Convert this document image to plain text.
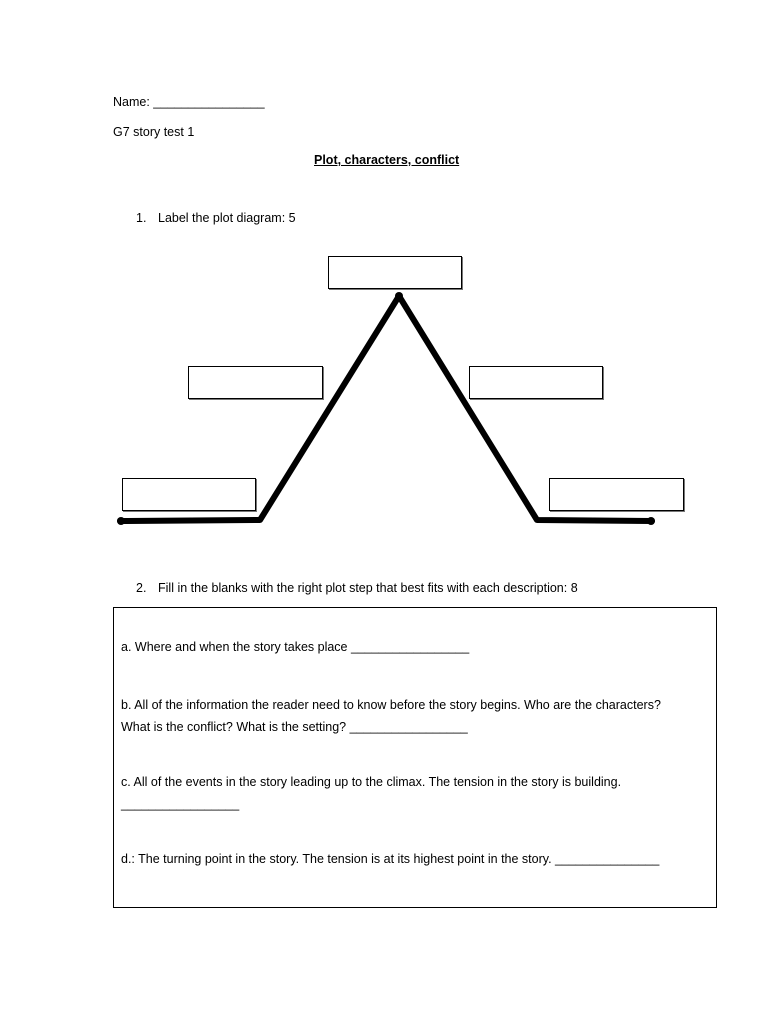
Name: ________________
G7 story test 1
Plot, characters, conflict
1. Label the plot diagram: 5
2. Fill in the blanks with the right plot step that best fits with each description: 8
a. Where and when the story takes place _________________
b. All of the information the reader need to know before the story begins. Who are the characters?
What is the conflict? What is the setting? _________________
c. All of the events in the story leading up to the climax. The tension in the story is building.
_________________
d.: The turning point in the story. The tension is at its highest point in the story. _______________
